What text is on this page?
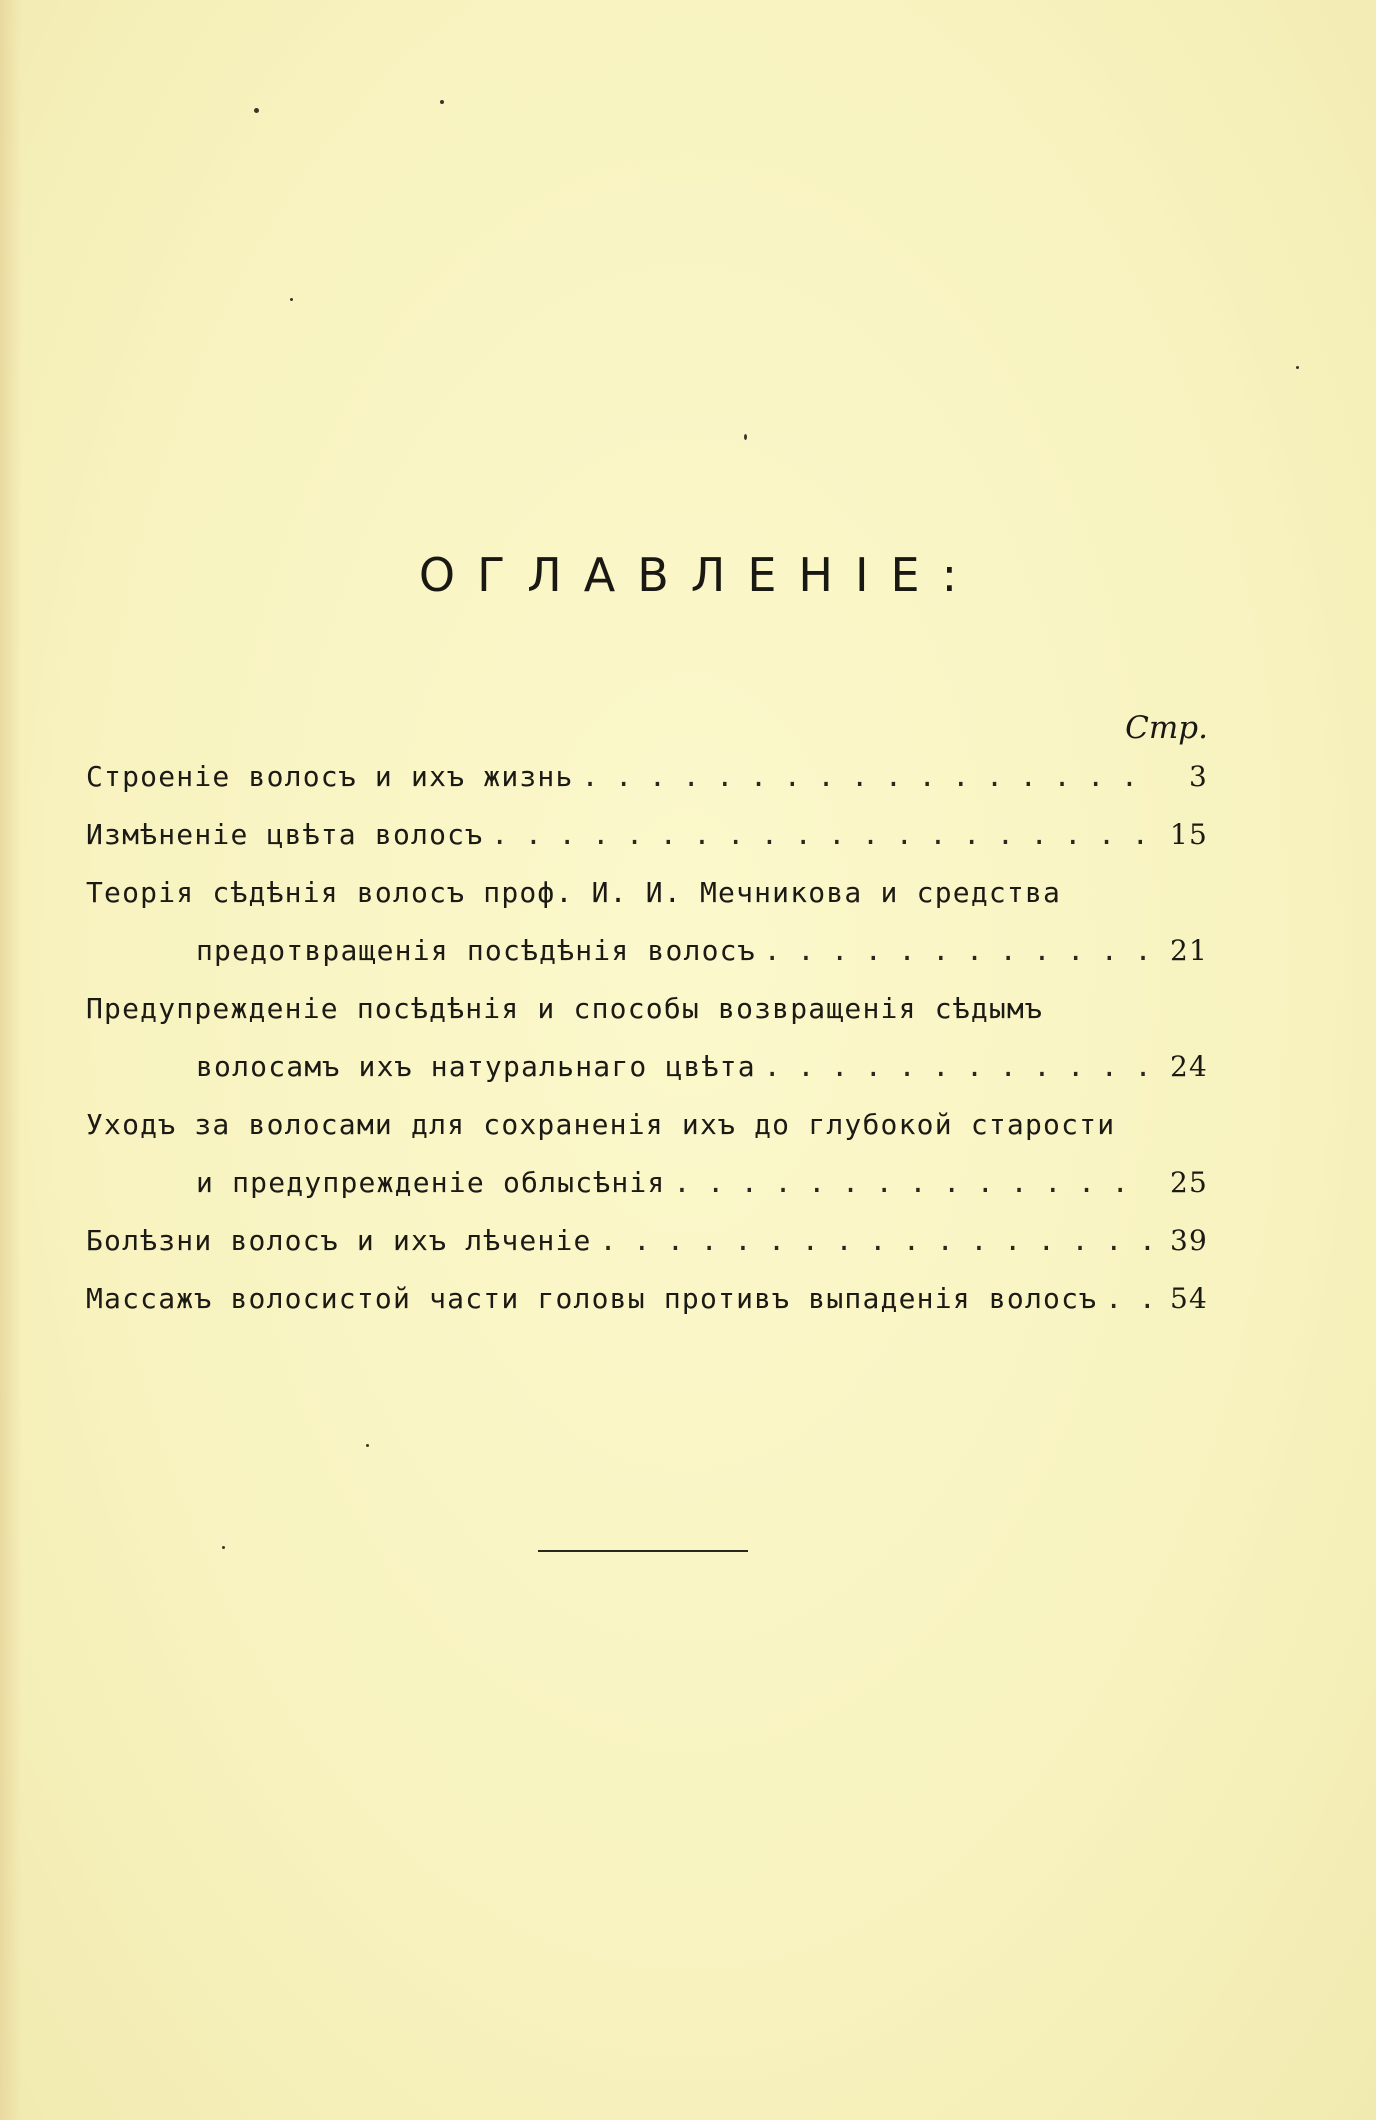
ОГЛАВЛЕНІЕ:
Стр.
Строеніе волосъ и ихъ жизнь . . .	3
Измѣненіе цвѣта волосъ . . .	15
Теорія сѣдѣнія волосъ проф. И. И. Мечникова и средства
предотвращенія посѣдѣнія волосъ . . .	21
Предупрежденіе посѣдѣнія и способы возвращенія сѣдымъ
волосамъ ихъ натуральнаго цвѣта . . .	24
Уходъ за волосами для сохраненія ихъ до глубокой старости
и предупрежденіе облысѣнія . . .	25
Болѣзни волосъ и ихъ лѣченіе . . .	39
Массажъ волосистой части головы противъ выпаденія волосъ . . .	54
